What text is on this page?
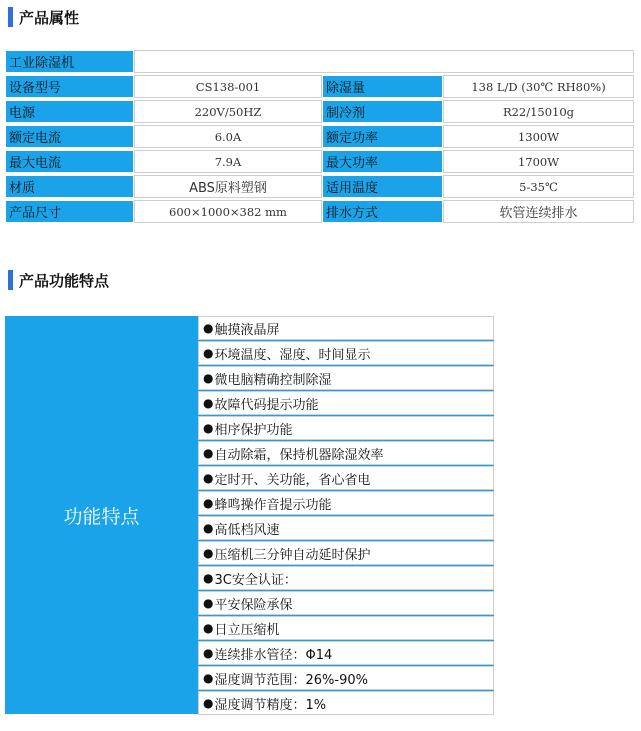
产品属性
工业除湿机
设备型号	CS138-001	除湿量	138 L/D (30℃ RH80%)
电源	220V/50HZ	制冷剂	R22/15010g
额定电流	6.0A	额定功率	1300W
最大电流	7.9A	最大功率	1700W
材质	ABS原料塑钢	适用温度	5-35℃
产品尺寸	600×1000×382 mm	排水方式	软管连续排水
产品功能特点
功能特点
● 触摸液晶屏
● 环境温度、湿度、时间显示
● 微电脑精确控制除湿
● 故障代码提示功能
● 相序保护功能
● 自动除霜，保持机器除湿效率
● 定时开、关功能，省心省电
● 蜂鸣操作音提示功能
● 高低档风速
● 压缩机三分钟自动延时保护
● 3C安全认证：
● 平安保险承保
● 日立压缩机
● 连续排水管径：Φ14
● 湿度调节范围：26%-90%
● 湿度调节精度：1%
